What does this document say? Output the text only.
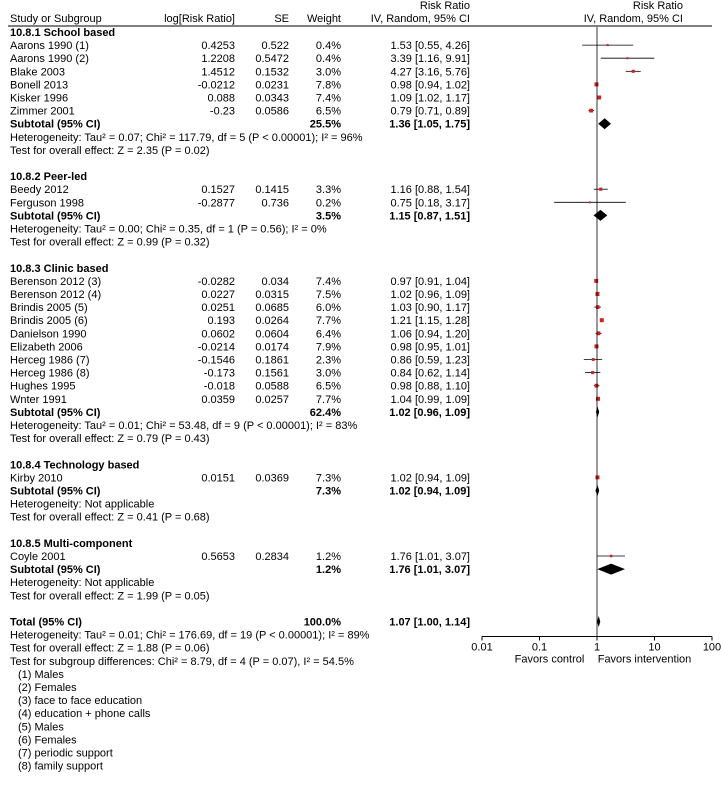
Risk Ratio	Risk Ratio
Study or Subgroup	log[Risk Ratio]	SE Weight	IV, Random, 95% CI	IV, Random, 95% CI
10.8.1 School based
Aarons 1990 (1)	0.4253 0.522 0.4%	1.53 [0.55, 4.26]
Aarons 1990 (2)	1.2208 0.5472 0.4%	3.39 [1.16, 9.91]
Blake 2003	1.4512 0.1532 3.0%	4.27 [3.16, 5.76]
Bonell 2013	-0.0212 0.0231 7.8%	0.98 [0.94, 1.02]
Kisker 1996	0.088 0.0343 7.4%	1.09 [1.02, 1.17]
Zimmer 2001	-0.23 0.0586 6.5%	0.79 [0.71, 0.89]
Subtotal (95% CI)	25.5%	1.36 [1.05, 1.75]
Heterogeneity: Tau² = 0.07; Chi² = 117.79, df = 5 (P < 0.00001); I² = 96%
Test for overall effect: Z = 2.35 (P = 0.02)
10.8.2 Peer-led
Beedy 2012	0.1527 0.1415 3.3%	1.16 [0.88, 1.54]
Ferguson 1998	-0.2877 0.736 0.2%	0.75 [0.18, 3.17]
Subtotal (95% CI)	3.5%	1.15 [0.87, 1.51]
Heterogeneity: Tau² = 0.00; Chi² = 0.35, df = 1 (P = 0.56); I² = 0%
Test for overall effect: Z = 0.99 (P = 0.32)
10.8.3 Clinic based
Berenson 2012 (3)	-0.0282 0.034 7.4%	0.97 [0.91, 1.04]
Berenson 2012 (4)	0.0227 0.0315 7.5%	1.02 [0.96, 1.09]
Brindis 2005 (5)	0.0251 0.0685 6.0%	1.03 [0.90, 1.17]
Brindis 2005 (6)	0.193 0.0264 7.7%	1.21 [1.15, 1.28]
Danielson 1990	0.0602 0.0604 6.4%	1.06 [0.94, 1.20]
Elizabeth 2006	-0.0214 0.0174 7.9%	0.98 [0.95, 1.01]
Herceg 1986 (7)	-0.1546 0.1861 2.3%	0.86 [0.59, 1.23]
Herceg 1986 (8)	-0.173 0.1561 3.0%	0.84 [0.62, 1.14]
Hughes 1995	-0.018 0.0588 6.5%	0.98 [0.88, 1.10]
Wnter 1991	0.0359 0.0257 7.7%	1.04 [0.99, 1.09]
Subtotal (95% CI)	62.4%	1.02 [0.96, 1.09]
Heterogeneity: Tau² = 0.01; Chi² = 53.48, df = 9 (P < 0.00001); I² = 83%
Test for overall effect: Z = 0.79 (P = 0.43)
10.8.4 Technology based
Kirby 2010	0.0151 0.0369 7.3%	1.02 [0.94, 1.09]
Subtotal (95% CI)	7.3%	1.02 [0.94, 1.09]
Heterogeneity: Not applicable
Test for overall effect: Z = 0.41 (P = 0.68)
10.8.5 Multi-component
Coyle 2001	0.5653 0.2834 1.2%	1.76 [1.01, 3.07]
Subtotal (95% CI)	1.2%	1.76 [1.01, 3.07]
Heterogeneity: Not applicable
Test for overall effect: Z = 1.99 (P = 0.05)
Total (95% CI)	100.0%	1.07 [1.00, 1.14]
0.01	0.1	1	10	100
Favors control Favors intervention
Heterogeneity: Tau² = 0.01; Chi² = 176.69, df = 19 (P < 0.00001); I² = 89%
Test for overall effect: Z = 1.88 (P = 0.06)
Test for subgroup differences: Chi² = 8.79, df = 4 (P = 0.07), I² = 54.5%
(1) Males
(2) Females
(3) face to face education
(4) education + phone calls
(5) Males
(6) Females
(7) periodic support
(8) family support
